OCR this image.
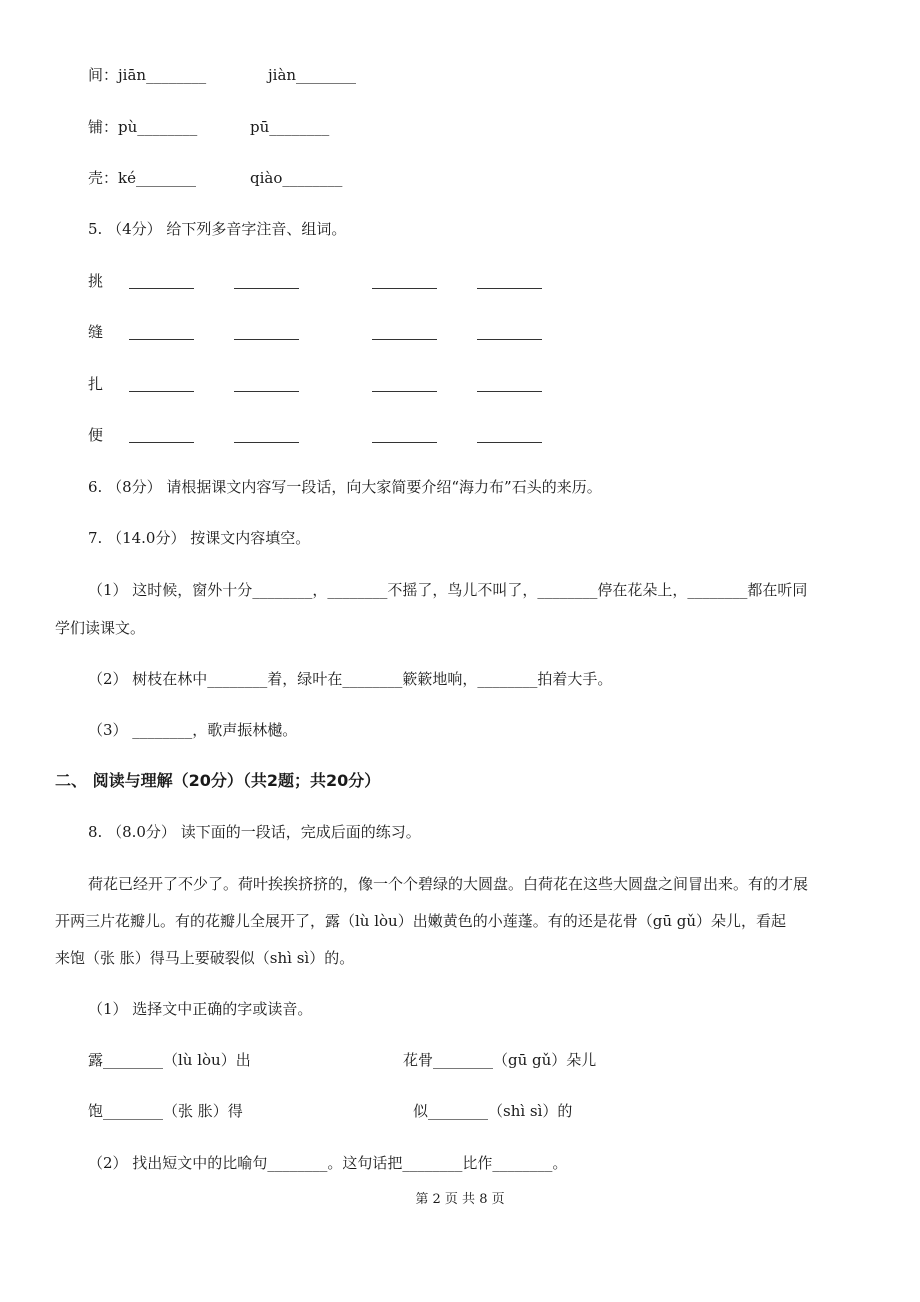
间：jiān________	jiàn________
铺：pù________	pū________
壳：ké________	qiào________
5. （4分） 给下列多音字注音、组词。
挑
缝
扎
便
6. （8分） 请根据课文内容写一段话，向大家简要介绍“海力布”石头的来历。
7. （14.0分） 按课文内容填空。
（1） 这时候，窗外十分________，________不摇了，鸟儿不叫了，________停在花朵上，________都在听同
学们读课文。
（2） 树枝在林中________着，绿叶在________簌簌地响，________拍着大手。
（3） ________，歌声振林樾。
二、 阅读与理解（20分）（共2题；共20分）
8. （8.0分） 读下面的一段话，完成后面的练习。
荷花已经开了不少了。荷叶挨挨挤挤的，像一个个碧绿的大圆盘。白荷花在这些大圆盘之间冒出来。有的才展
开两三片花瓣儿。有的花瓣儿全展开了，露（lù lòu）出嫩黄色的小莲蓬。有的还是花骨（gū gǔ）朵儿，看起
来饱（张 胀）得马上要破裂似（shì sì）的。
（1） 选择文中正确的字或读音。
露________（lù lòu）出	花骨________（gū gǔ）朵儿
饱________（张 胀）得	似________（shì sì）的
（2） 找出短文中的比喻句________。这句话把________比作________。
第 2 页 共 8 页
